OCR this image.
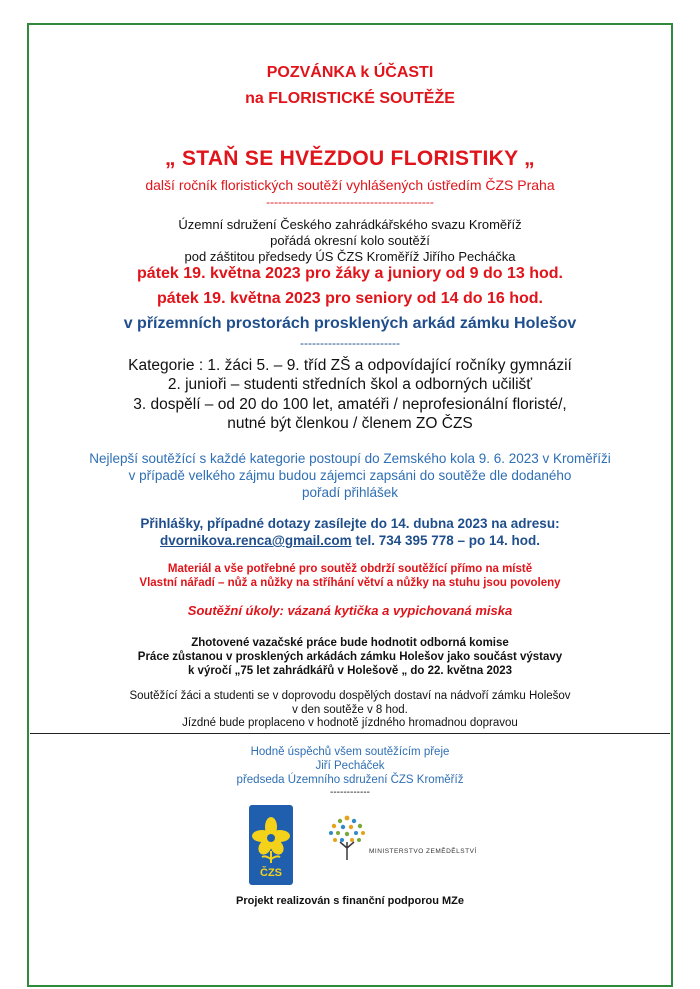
POZVÁNKA k ÚČASTI
na FLORISTICKÉ SOUTĚŽE
„ STAŇ SE HVĚZDOU FLORISTIKY „
další ročník floristických soutěží vyhlášených ústředím ČZS Praha
------------------------------------------
Územní sdružení Českého zahrádkářského svazu Kroměříž
pořádá okresní kolo soutěží
pod záštitou předsedy ÚS ČZS Kroměříž Jiřího Pecháčka
pátek 19. května 2023 pro žáky a juniory od 9 do 13 hod.
pátek 19. května 2023 pro seniory od 14 do 16 hod.
v přízemních prostorách prosklených arkád zámku Holešov
-------------------------
Kategorie : 1. žáci 5. – 9. tříd ZŠ a odpovídající ročníky gymnázií
2. junioři – studenti středních škol a odborných učilišť
3. dospělí – od 20 do 100 let, amatéři / neprofesionální floristé/,
nutné být členkou / členem ZO ČZS
Nejlepší soutěžící s každé kategorie postoupí do Zemského kola 9. 6. 2023 v Kroměříži
v případě velkého zájmu budou zájemci zapsáni do soutěže dle dodaného
pořadí přihlášek
Přihlášky, případné dotazy zasílejte do 14. dubna 2023 na adresu:
dvornikova.renca@gmail.com tel. 734 395 778 – po 14. hod.
Materiál a vše potřebné pro soutěž obdrží soutěžící přímo na místě
Vlastní nářadí – nůž a nůžky na stříhání větví a nůžky na stuhu jsou povoleny
Soutěžní úkoly: vázaná kytička a vypichovaná miska
Zhotovené vazačské práce bude hodnotit odborná komise
Práce zůstanou v prosklených arkádách zámku Holešov jako součást výstavy
k výročí „75 let zahrádkářů v Holešově „ do 22. května 2023
Soutěžící žáci a studenti se v doprovodu dospělých dostaví na nádvoří zámku Holešov
v den soutěže v 8 hod.
Jízdné bude proplaceno v hodnotě jízdného hromadnou dopravou
Hodně úspěchů všem soutěžícím přeje
Jiří Pecháček
předseda Územního sdružení ČZS Kroměříž
------------
ČZS
MINISTERSTVO ZEMĚDĚLSTVÍ
Projekt realizován s finanční podporou MZe
